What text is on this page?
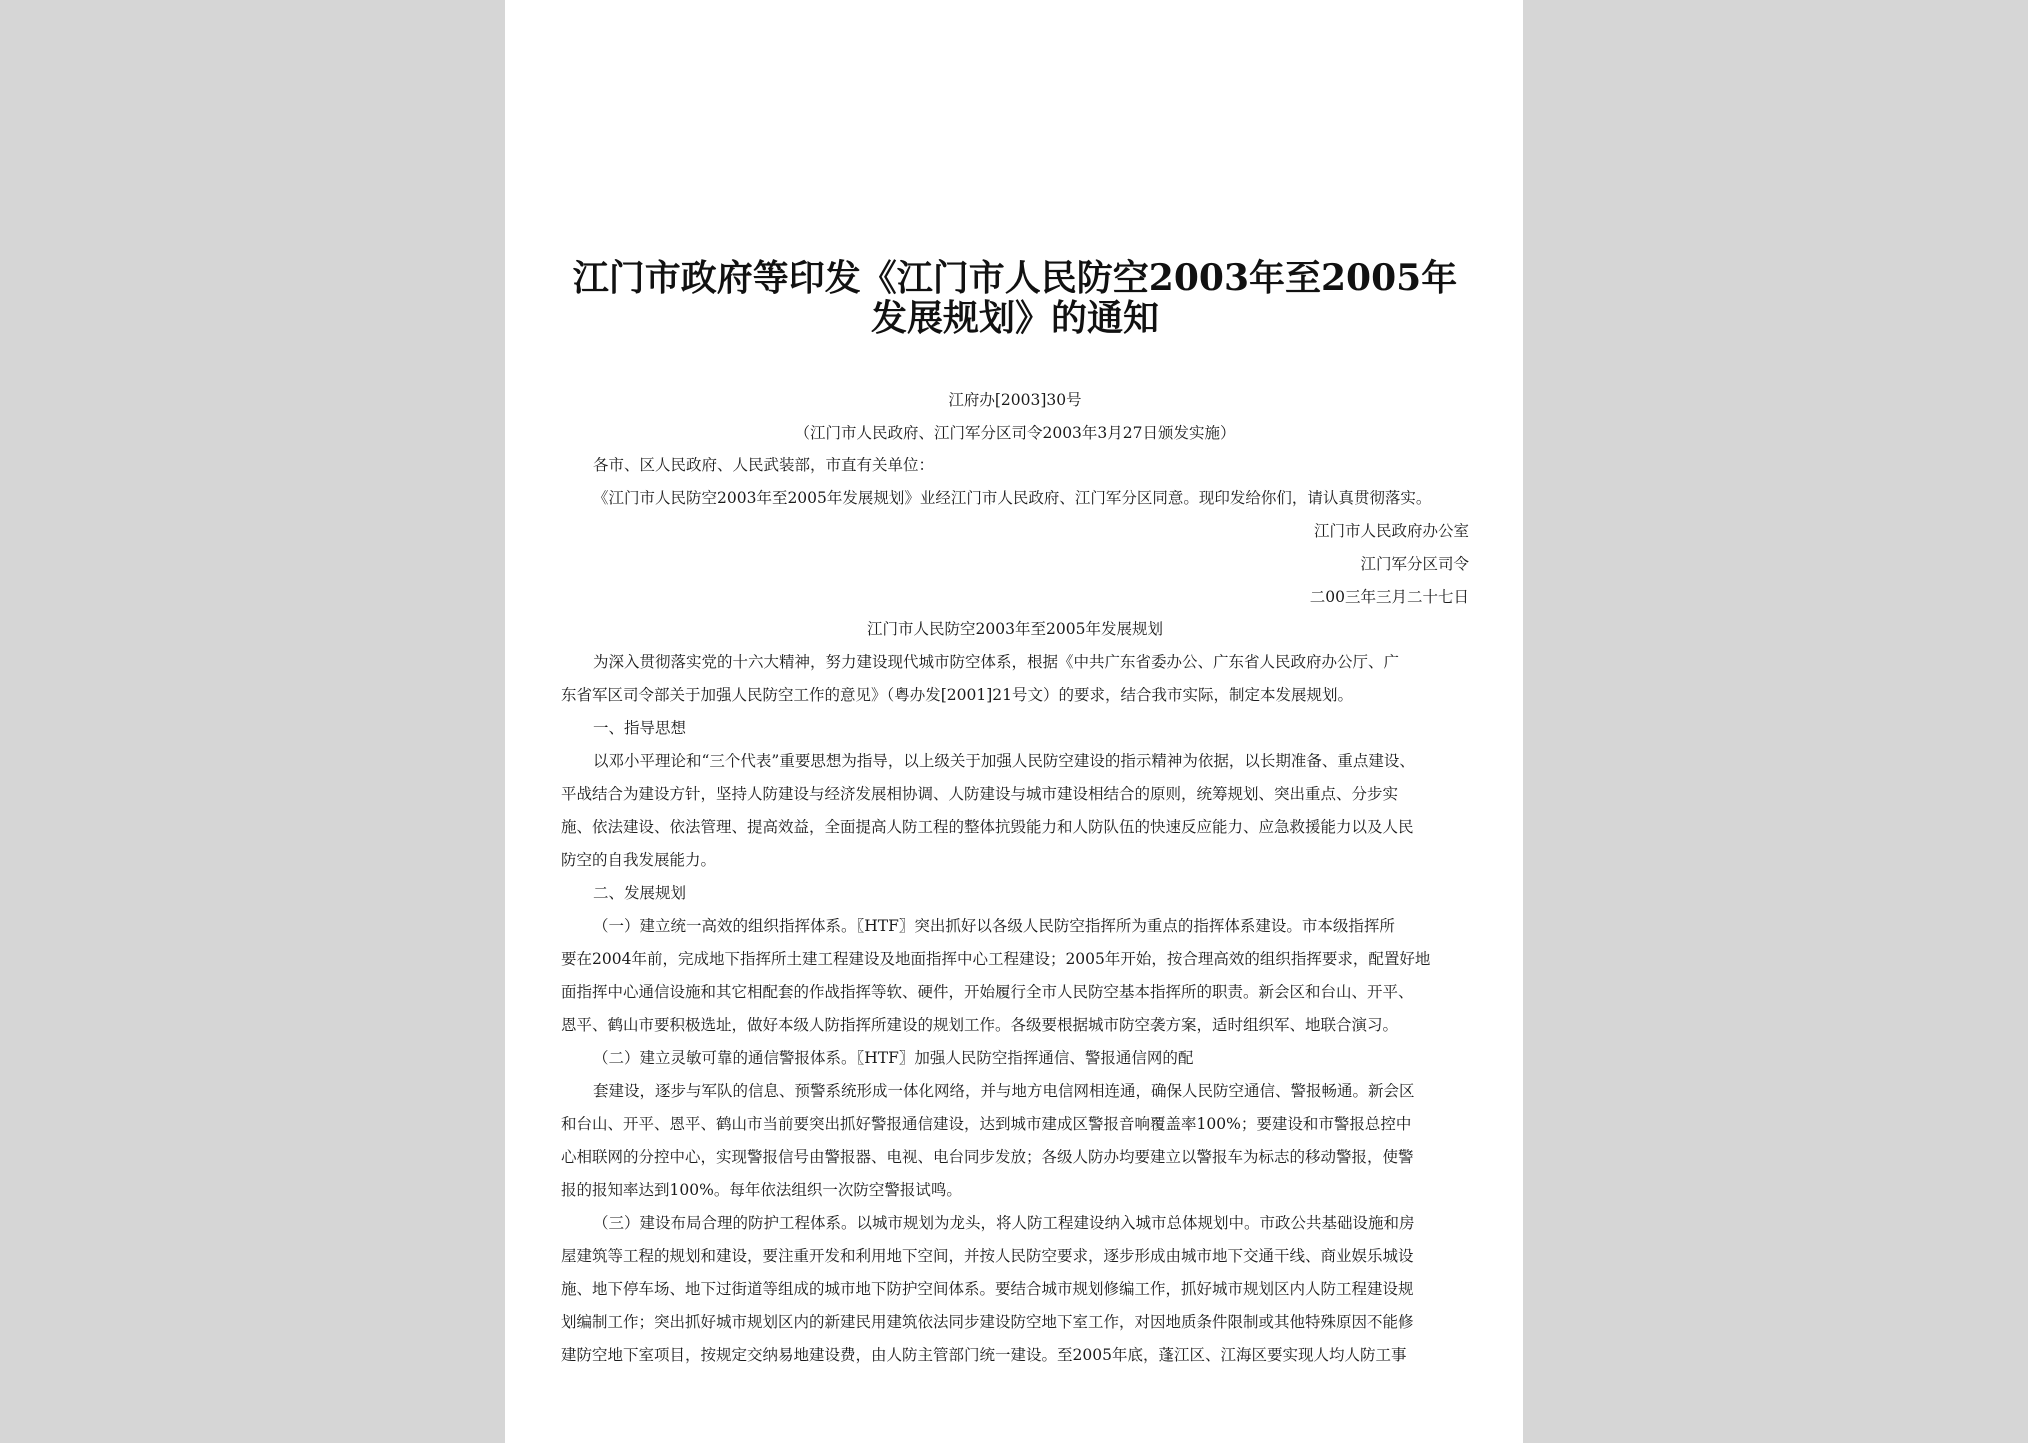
江门市政府等印发《江门市人民防空2003年至2005年
发展规划》的通知
江府办[2003]30号
（江门市人民政府、江门军分区司令2003年3月27日颁发实施）
各市、区人民政府、人民武装部，市直有关单位：
《江门市人民防空2003年至2005年发展规划》业经江门市人民政府、江门军分区同意。现印发给你们，请认真贯彻落实。
江门市人民政府办公室
江门军分区司令
二00三年三月二十七日
江门市人民防空2003年至2005年发展规划
为深入贯彻落实党的十六大精神，努力建设现代城市防空体系，根据《中共广东省委办公、广东省人民政府办公厅、广
东省军区司令部关于加强人民防空工作的意见》（粤办发[2001]21号文）的要求，结合我市实际，制定本发展规划。
一、指导思想
以邓小平理论和“三个代表”重要思想为指导，以上级关于加强人民防空建设的指示精神为依据，以长期准备、重点建设、
平战结合为建设方针，坚持人防建设与经济发展相协调、人防建设与城市建设相结合的原则，统筹规划、突出重点、分步实
施、依法建设、依法管理、提高效益，全面提高人防工程的整体抗毁能力和人防队伍的快速反应能力、应急救援能力以及人民
防空的自我发展能力。
二、发展规划
（一）建立统一高效的组织指挥体系。〖HTF〗突出抓好以各级人民防空指挥所为重点的指挥体系建设。市本级指挥所
要在2004年前，完成地下指挥所土建工程建设及地面指挥中心工程建设；2005年开始，按合理高效的组织指挥要求，配置好地
面指挥中心通信设施和其它相配套的作战指挥等软、硬件，开始履行全市人民防空基本指挥所的职责。新会区和台山、开平、
恩平、鹤山市要积极选址，做好本级人防指挥所建设的规划工作。各级要根据城市防空袭方案，适时组织军、地联合演习。
（二）建立灵敏可靠的通信警报体系。〖HTF〗加强人民防空指挥通信、警报通信网的配
套建设，逐步与军队的信息、预警系统形成一体化网络，并与地方电信网相连通，确保人民防空通信、警报畅通。新会区
和台山、开平、恩平、鹤山市当前要突出抓好警报通信建设，达到城市建成区警报音响覆盖率100%；要建设和市警报总控中
心相联网的分控中心，实现警报信号由警报器、电视、电台同步发放；各级人防办均要建立以警报车为标志的移动警报，使警
报的报知率达到100%。每年依法组织一次防空警报试鸣。
（三）建设布局合理的防护工程体系。以城市规划为龙头，将人防工程建设纳入城市总体规划中。市政公共基础设施和房
屋建筑等工程的规划和建设，要注重开发和利用地下空间，并按人民防空要求，逐步形成由城市地下交通干线、商业娱乐城设
施、地下停车场、地下过街道等组成的城市地下防护空间体系。要结合城市规划修编工作，抓好城市规划区内人防工程建设规
划编制工作；突出抓好城市规划区内的新建民用建筑依法同步建设防空地下室工作，对因地质条件限制或其他特殊原因不能修
建防空地下室项目，按规定交纳易地建设费，由人防主管部门统一建设。至2005年底，蓬江区、江海区要实现人均人防工事
